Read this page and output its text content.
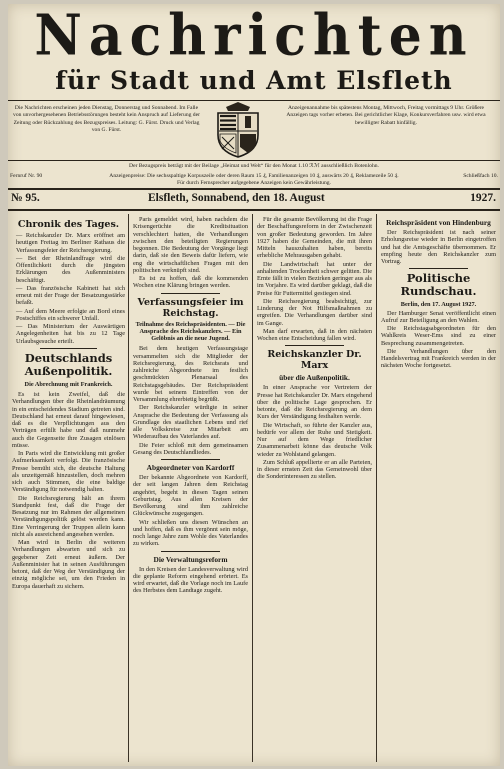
Nachrichten
für Stadt und Amt Elsfleth
Die Nachrichten erscheinen jeden Dienstag, Donnerstag und Sonnabend. Im Falle von unvorhergesehenen Betriebsstörungen besteht kein Anspruch auf Lieferung der Zeitung oder Rückzahlung des Bezugspreises. Leitung: G. Fürst. Druck und Verlag von G. Fürst.
Anzeigenannahme bis spätestens Montag, Mittwoch, Freitag vormittags 9 Uhr. Größere Anzeigen tags vorher erbeten. Bei gerichtlicher Klage, Konkursverfahren usw. wird etwa bewilligter Rabatt hinfällig.
Der Bezugspreis beträgt mit der Beilage „Heimat und Welt“ für den Monat 1.10 ℛℳ ausschließlich Botenlohn.
Fernruf Nr. 90	Anzeigenpreise: Die sechsspaltige Korpuszeile oder deren Raum 15 ₰, Familienanzeigen 10 ₰, auswärts 20 ₰, Reklamezeile 50 ₰.	Schließfach 10.
Für durch Fernsprecher aufgegebene Anzeigen kein Gewährleistung.
№ 95.	Elsfleth, Sonnabend, den 18. August	1927.
Chronik des Tages.

— Reichskanzler Dr. Marx eröffnet am heutigen Freitag im Berliner Rathaus die Verfassungsfeier der Reichsregierung.

— Bei der Rheinlandfrage wird die Öffentlichkeit durch die jüngsten Erklärungen des Außenministers beschäftigt.

— Das französische Kabinett hat sich erneut mit der Frage der Besatzungsstärke befaßt.

— Auf dem Meere erfolgte an Bord eines Postschiffes ein schwerer Unfall.

— Das Ministerium der Auswärtigen Angelegenheiten hat bis zu 12 Tage Urlaubsgesuche erteilt.

Deutschlands Außenpolitik.

Die Abrechnung mit Frankreich.

Es ist kein Zweifel, daß die Verhandlungen über die Rheinlandräumung in ein entscheidendes Stadium getreten sind. Deutschland hat erneut darauf hingewiesen, daß es die Verpflichtungen aus den Verträgen erfüllt habe und daß nunmehr auch die Gegenseite ihre Zusagen einlösen müsse.

In Paris wird die Entwicklung mit großer Aufmerksamkeit verfolgt. Die französische Presse bemüht sich, die deutsche Haltung als unzeitgemäß hinzustellen, doch mehren sich auch Stimmen, die eine baldige Verständigung für notwendig halten.

Die Reichsregierung hält an ihrem Standpunkt fest, daß die Frage der Besatzung nur im Rahmen der allgemeinen Verständigungspolitik gelöst werden kann. Eine Verringerung der Truppen allein kann nicht als ausreichend angesehen werden.

Man wird in Berlin die weiteren Verhandlungen abwarten und sich zu gegebener Zeit erneut äußern. Der Außenminister hat in seinen Ausführungen betont, daß der Weg der Verständigung der einzig mögliche sei, um den Frieden in Europa dauerhaft zu sichern.

Paris gemeldet wird, haben nachdem die Krisengerüchte die Kreditsituation verschlechtert hatten, die Verhandlungen zwischen den beteiligten Regierungen begonnen. Die Bedeutung der Vorgänge liegt darin, daß sie den Beweis dafür liefern, wie eng die wirtschaftlichen Fragen mit den politischen verknüpft sind.

Es ist zu hoffen, daß die kommenden Wochen eine Klärung bringen werden.

Verfassungsfeier im Reichstag.

Teilnahme des Reichspräsidenten. — Die Ansprache des Reichskanzlers. — Ein Gelöbnis an die neue Jugend.

Bei dem heutigen Verfassungstage versammelten sich die Mitglieder der Reichsregierung, des Reichsrats und zahlreiche Abgeordnete im festlich geschmückten Plenarsaal des Reichstagsgebäudes. Der Reichspräsident wurde bei seinem Eintreffen von der Versammlung ehrerbietig begrüßt.

Der Reichskanzler würdigte in seiner Ansprache die Bedeutung der Verfassung als Grundlage des staatlichen Lebens und rief alle Volkskreise zur Mitarbeit am Wiederaufbau des Vaterlandes auf.

Die Feier schloß mit dem gemeinsamen Gesang des Deutschlandliedes.

Abgeordneter von Kardorff

Der bekannte Abgeordnete von Kardorff, der seit langen Jahren dem Reichstag angehört, begeht in diesen Tagen seinen Geburtstag. Aus allen Kreisen der Bevölkerung sind ihm zahlreiche Glückwünsche zugegangen.

Wir schließen uns diesen Wünschen an und hoffen, daß es ihm vergönnt sein möge, noch lange Jahre zum Wohle des Vaterlandes zu wirken.

Die Verwaltungsreform

In den Kreisen der Landesverwaltung wird die geplante Reform eingehend erörtert. Es wird erwartet, daß die Vorlage noch im Laufe des Herbstes dem Landtage zugeht.

Für die gesamte Bevölkerung ist die Frage der Beschaffungsreform in der Zwischenzeit von großer Bedeutung geworden. Im Jahre 1927 haben die Gemeinden, die mit ihren Mitteln hauszuhalten haben, bereits erhebliche Mehrausgaben gehabt.

Die Landwirtschaft hat unter der anhaltenden Trockenheit schwer gelitten. Die Ernte fällt in vielen Bezirken geringer aus als im Vorjahre. Es wird darüber geklagt, daß die Preise für Futtermittel gestiegen sind.

Die Reichsregierung beabsichtigt, zur Linderung der Not Hilfsmaßnahmen zu ergreifen. Die Verhandlungen darüber sind im Gange.

Man darf erwarten, daß in den nächsten Wochen eine Entscheidung fallen wird.

Reichskanzler Dr. Marx
über die Außenpolitik.

In einer Ansprache vor Vertretern der Presse hat Reichskanzler Dr. Marx eingehend über die politische Lage gesprochen. Er betonte, daß die Reichsregierung an dem Kurs der Verständigung festhalten werde.

Die Wirtschaft, so führte der Kanzler aus, bedürfe vor allem der Ruhe und Stetigkeit. Nur auf dem Wege friedlicher Zusammenarbeit könne das deutsche Volk wieder zu Wohlstand gelangen.

Zum Schluß appellierte er an alle Parteien, in dieser ernsten Zeit das Gemeinwohl über die Sonderinteressen zu stellen.

Reichspräsident von Hindenburg

Der Reichspräsident ist nach seiner Erholungsreise wieder in Berlin eingetroffen und hat die Amtsgeschäfte übernommen. Er empfing heute den Reichskanzler zum Vortrag.

Politische Rundschau.

Berlin, den 17. August 1927.

Der Hamburger Senat veröffentlicht einen Aufruf zur Beteiligung an den Wahlen.

Die Reichstagsabgeordneten für den Wahlkreis Weser-Ems sind zu einer Besprechung zusammengetreten.

Die Verhandlungen über den Handelsvertrag mit Frankreich werden in der nächsten Woche fortgesetzt.
